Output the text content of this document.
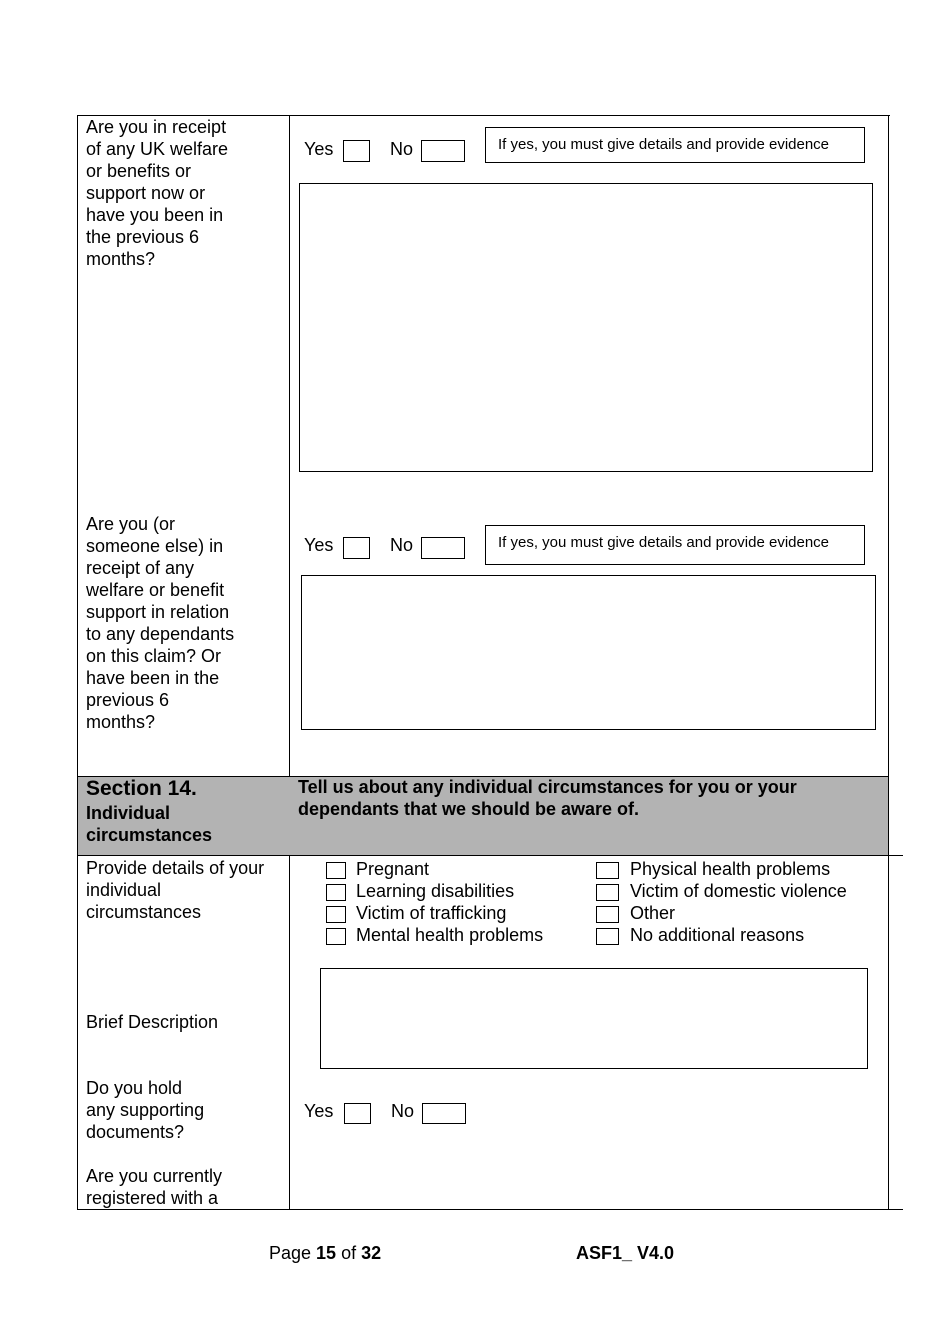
Are you in receipt
of any UK welfare
or benefits or
support now or
have you been in
the previous 6
months?
Yes	No	If yes, you must give details and provide evidence
Are you (or
someone else) in
receipt of any
welfare or benefit
support in relation
to any dependants
on this claim? Or
have been in the
previous 6
months?
Yes	No	If yes, you must give details and provide evidence
Section 14.
Individual
circumstances
Tell us about any individual circumstances for you or your
dependants that we should be aware of.
Provide details of your
individual
circumstances
Pregnant
Learning disabilities
Victim of trafficking
Mental health problems
Physical health problems
Victim of domestic violence
Other
No additional reasons
Brief Description
Do you hold
any supporting
documents?
Yes	No
Are you currently
registered with a
Page 15 of 32	ASF1_ V4.0
